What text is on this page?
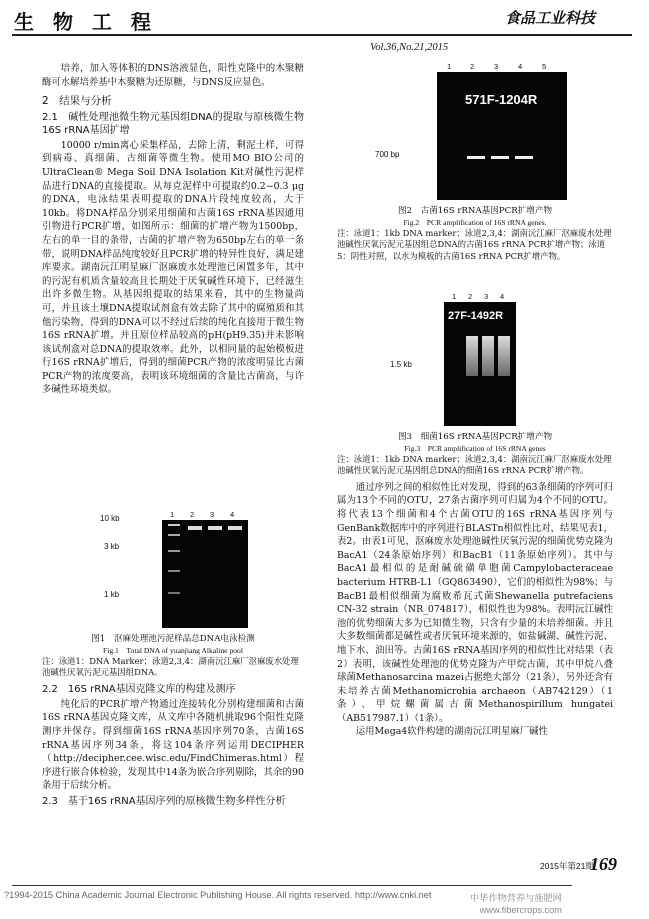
生 物 工 程	食品工业科技
Vol.36,No.21,2015

培养，加入等体积的DNS溶液显色，阳性克隆中的木聚糖酶可水解培养基中木聚糖为还原糖，与DNS反应显色。

2　结果与分析
2.1　碱性处理池微生物元基因组DNA的提取与原核微生物16S rRNA基因扩增

10000 r/min离心采集样品，去除上清，剩泥土样，可得到病毒、真细菌、古细菌等微生物。使用MO BIO公司的UltraClean® Mega Soil DNA Isolation Kit对碱性污泥样品进行DNA的直接提取。从每克泥样中可提取约0.2~0.3 μg的DNA，电泳结果表明提取的DNA片段纯度较高，大于10kb。将DNA样品分别采用细菌和古菌16S rRNA基因通用引物进行PCR扩增，如图所示：细菌的扩增产物为1500bp，左右的单一目的条带，古菌的扩增产物为650bp左右的单一条带，说明DNA样品纯度较好且PCR扩增的特异性良好，满足建库要求。湖南沅江明星麻厂沤麻废水处理池已闲置多年，其中的污泥有机质含量较高且长期处于厌氧碱性环境下，已经滋生出许多微生物。从基因组提取的结果来看，其中的生物量尚可，并且该土壤DNA提取试剂盒有效去除了其中的腐殖质和其他污染物，得到的DNA可以不经过后续的纯化直接用于微生物16S rRNA扩增。并且原位样品较高的pH(pH9.35)并未影响该试剂盒对总DNA的提取效率。此外，以相同量的起始模板进行16S rRNA扩增后，得到的细菌PCR产物的浓度明显比古菌PCR产物的浓度要高，表明该环境细菌的含量比古菌高，与许多碱性环境类似。

10 kb
3 kb
1 kb
1 2 3 4
图1　沤麻处理池污泥样品总DNA电泳检测
Fig.1　Total DNA of yuanjiang Alkaline pool
注：泳道1：DNA Marker；泳道2,3,4：湖南沅江麻厂沤麻废水处理池碱性厌氧污泥元基因组DNA。
2.2　16S rRNA基因克隆文库的构建及测序

纯化后的PCR扩增产物通过连接转化分别构建细菌和古菌16S rRNA基因克隆文库，从文库中各随机挑取96个阳性克隆测序并保存。得到细菌16S rRNA基因序列70条，古菌16S rRNA基因序列34条，将这104条序列运用DECIPHER（http://decipher.cee.wisc.edu/FindChimeras.html）程序进行嵌合体检验，发现其中14条为嵌合序列剔除，其余的90条用于后续分析。

2.3　基于16S rRNA基因序列的原核微生物多样性分析
700 bp
571F-1204R
1	2	3	4	5
图2　古菌16S rRNA基因PCR扩增产物
Fig.2　PCR amplification of 16S rRNA genes.
注：泳道1：1kb DNA marker；泳道2,3,4：湖南沅江麻厂沤麻废水处理池碱性厌氧污泥元基因组总DNA的古菌16S rRNA PCR扩增产物；泳道5：阴性对照，以水为模板的古菌16S rRNA PCR扩增产物。
1.5 kb
27F-1492R
1 2 3 4
图3　细菌16S rRNA基因PCR扩增产物
Fig.3　PCR amplification of 16S rRNA genes
注：泳道1：1kb DNA marker；泳道2,3,4：湖南沅江麻厂沤麻废水处理池碱性厌氧污泥元基因组总DNA的细菌16S rRNA PCR扩增产物。

通过序列之间的相似性比对发现，得到的63条细菌的序列可归属为13个不同的OTU，27条古菌序列可归属为4个不同的OTU。将代表13个细菌和4个古菌OTU的16S rRNA基因序列与GenBank数据库中的序列进行BLASTn相似性比对，结果见表1，表2。由表1可见，沤麻废水处理池碱性厌氧污泥的细菌优势克隆为BacA1（24条原始序列）和BacB1（11条原始序列）。其中与BacA1最相似的是耐碱硫磺单胞菌Campylobacteraceae bacterium HTRB-L1（GQ863490），它们的相似性为98%；与BacB1最相似细菌为腐败希瓦式菌Shewanella putrefaciens CN-32 strain（NR_074817），相似性也为98%。表明沅江碱性池的优势细菌大多为已知微生物，只含有少量的未培养细菌。并且大多数细菌都是碱性或者厌氧环境来源的，如盐碱湖、碱性污泥、地下水、油田等。古菌16S rRNA基因序列的相似性比对结果（表2）表明，该碱性处理池的优势克隆为产甲烷古菌，其中甲烷八叠球菌Methanosarcina mazei占据绝大部分（21条），另外还含有未培养古菌Methanomicrobia archaeon（AB742129）（1条）、甲烷螺菌属古菌Methanospirillum hungatei（AB517987.1）（1条）。

运用Mega4软件构建的湖南沅江明星麻厂碱性

2015年第21期
169
?1994-2015 China Academic Journal Electronic Publishing House. All rights reserved. http://www.cnki.net	中华作物营养与施肥网
www.fibercrops.com
